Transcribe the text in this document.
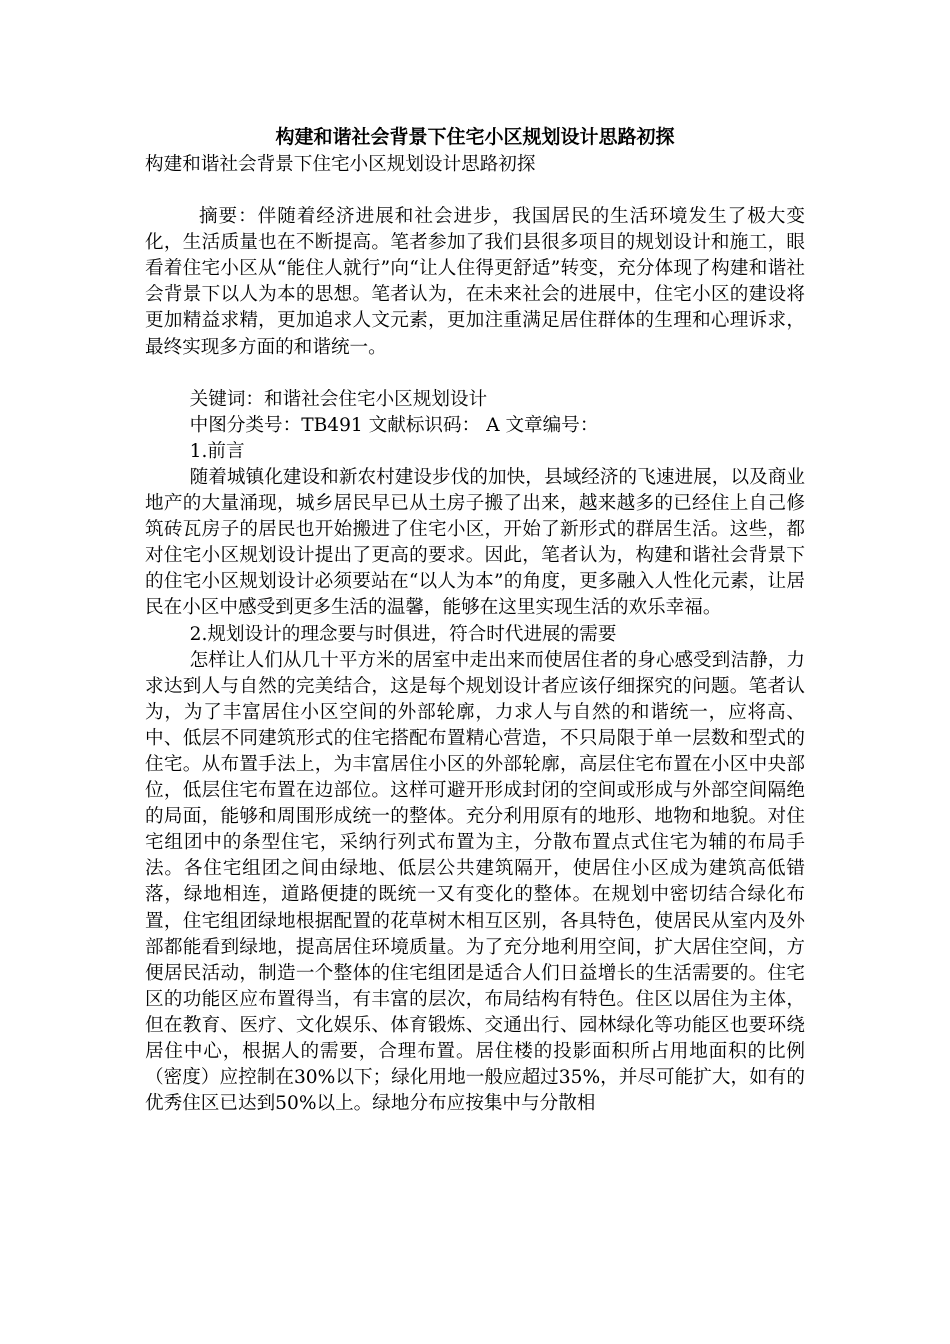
构建和谐社会背景下住宅小区规划设计思路初探

构建和谐社会背景下住宅小区规划设计思路初探

摘要：伴随着经济进展和社会进步，我国居民的生活环境发生了极大变化，生活质量也在不断提高。笔者参加了我们县很多项目的规划设计和施工，眼看着住宅小区从“能住人就行”向“让人住得更舒适”转变，充分体现了构建和谐社会背景下以人为本的思想。笔者认为，在未来社会的进展中，住宅小区的建设将更加精益求精，更加追求人文元素，更加注重满足居住群体的生理和心理诉求，最终实现多方面的和谐统一。

关键词：和谐社会住宅小区规划设计

中图分类号：TB491 文献标识码： A 文章编号：

1.前言

随着城镇化建设和新农村建设步伐的加快，县域经济的飞速进展，以及商业地产的大量涌现，城乡居民早已从土房子搬了出来，越来越多的已经住上自己修筑砖瓦房子的居民也开始搬进了住宅小区，开始了新形式的群居生活。这些，都对住宅小区规划设计提出了更高的要求。因此，笔者认为，构建和谐社会背景下的住宅小区规划设计必须要站在“以人为本”的角度，更多融入人性化元素，让居民在小区中感受到更多生活的温馨，能够在这里实现生活的欢乐幸福。

2.规划设计的理念要与时俱进，符合时代进展的需要

怎样让人们从几十平方米的居室中走出来而使居住者的身心感受到洁静，力求达到人与自然的完美结合，这是每个规划设计者应该仔细探究的问题。笔者认为，为了丰富居住小区空间的外部轮廓，力求人与自然的和谐统一，应将高、中、低层不同建筑形式的住宅搭配布置精心营造，不只局限于单一层数和型式的住宅。从布置手法上，为丰富居住小区的外部轮廓，高层住宅布置在小区中央部位，低层住宅布置在边部位。这样可避开形成封闭的空间或形成与外部空间隔绝的局面，能够和周围形成统一的整体。充分利用原有的地形、地物和地貌。对住宅组团中的条型住宅，采纳行列式布置为主，分散布置点式住宅为辅的布局手法。各住宅组团之间由绿地、低层公共建筑隔开，使居住小区成为建筑高低错落，绿地相连，道路便捷的既统一又有变化的整体。在规划中密切结合绿化布置，住宅组团绿地根据配置的花草树木相互区别，各具特色，使居民从室内及外部都能看到绿地，提高居住环境质量。为了充分地利用空间，扩大居住空间，方便居民活动，制造一个整体的住宅组团是适合人们日益增长的生活需要的。住宅区的功能区应布置得当，有丰富的层次，布局结构有特色。住区以居住为主体，但在教育、医疗、文化娱乐、体育锻炼、交通出行、园林绿化等功能区也要环绕居住中心，根据人的需要，合理布置。居住楼的投影面积所占用地面积的比例（密度）应控制在30%以下；绿化用地一般应超过35%，并尽可能扩大，如有的优秀住区已达到50%以上。绿地分布应按集中与分散相
